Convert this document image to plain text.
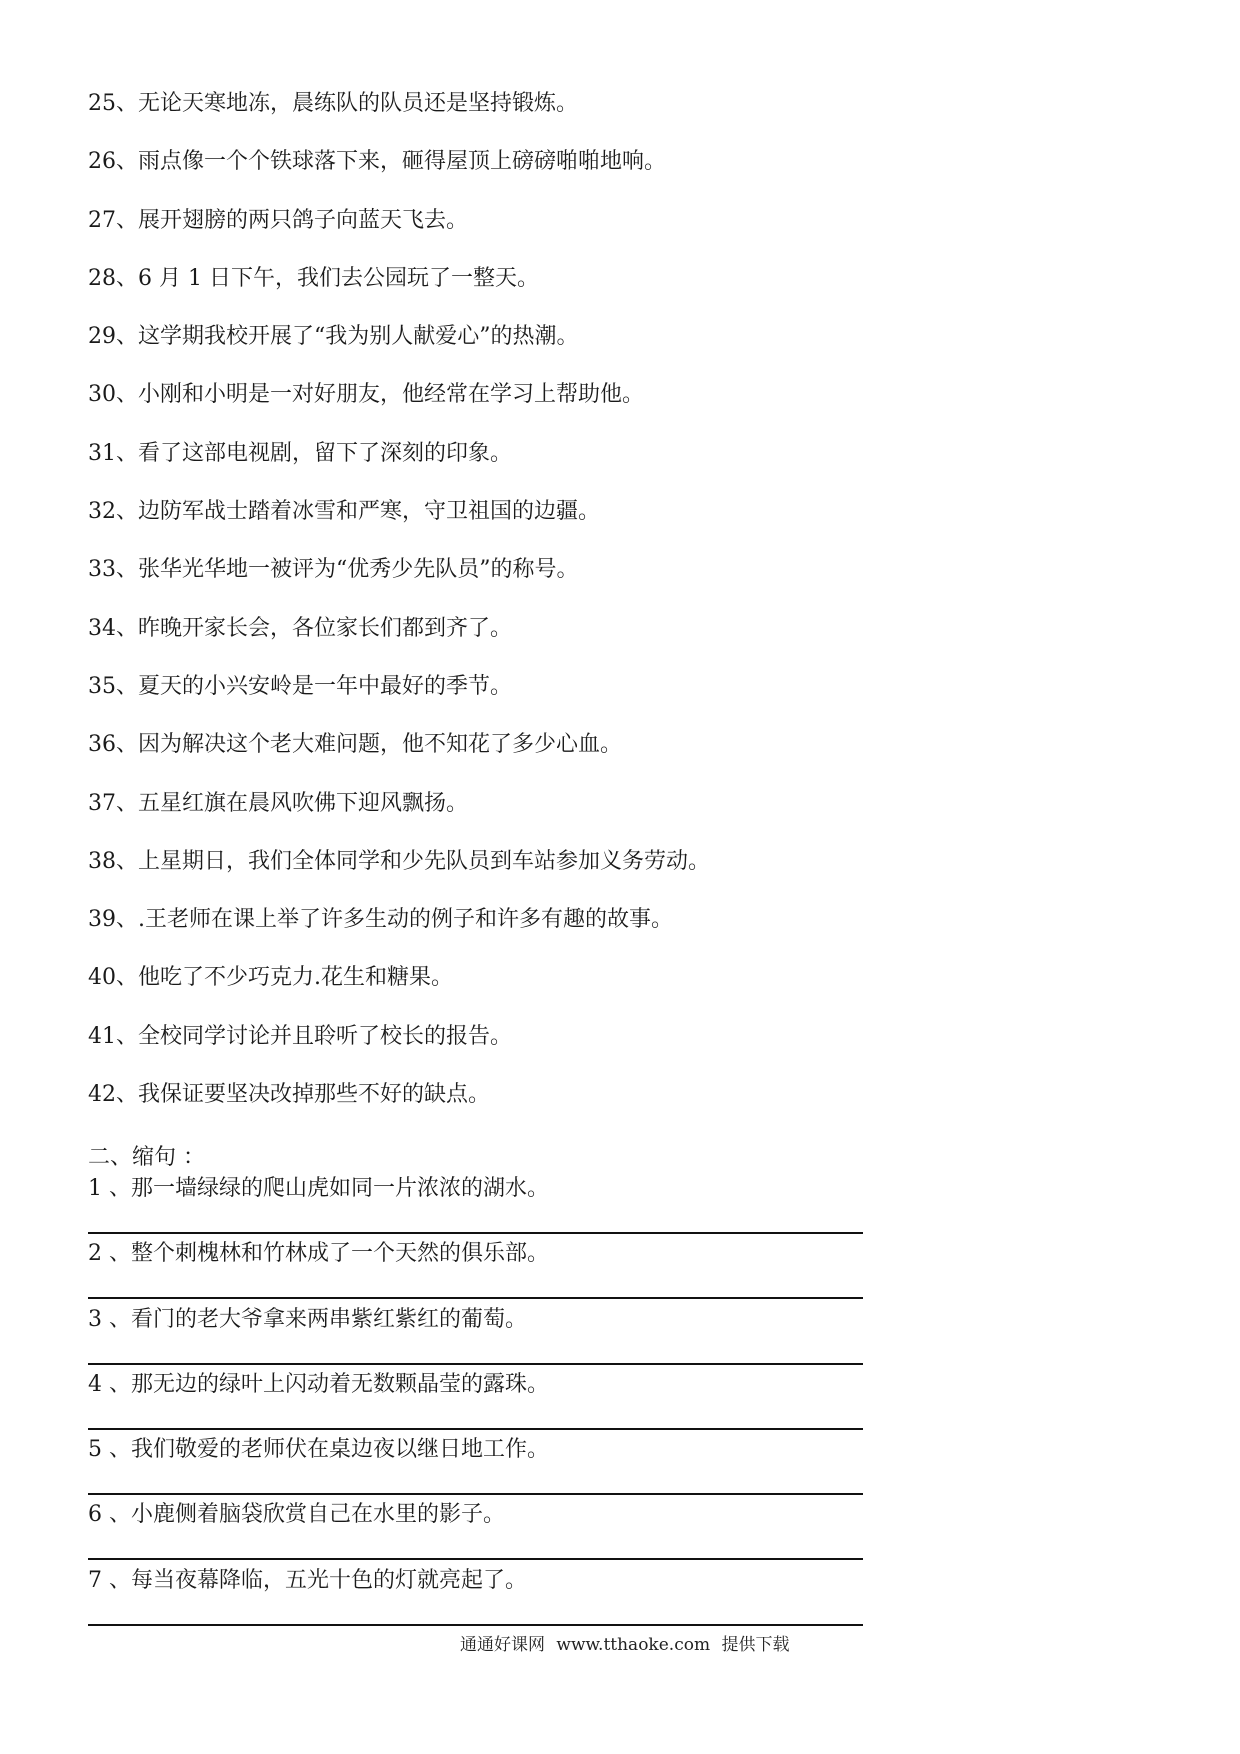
25、无论天寒地冻，晨练队的队员还是坚持锻炼。
26、雨点像一个个铁球落下来，砸得屋顶上磅磅啪啪地响。
27、展开翅膀的两只鸽子向蓝天飞去。
28、6 月 1 日下午，我们去公园玩了一整天。
29、这学期我校开展了“我为别人献爱心”的热潮。
30、小刚和小明是一对好朋友，他经常在学习上帮助他。
31、看了这部电视剧，留下了深刻的印象。
32、边防军战士踏着冰雪和严寒，守卫祖国的边疆。
33、张华光华地一被评为“优秀少先队员”的称号。
34、昨晚开家长会，各位家长们都到齐了。
35、夏天的小兴安岭是一年中最好的季节。
36、因为解决这个老大难问题，他不知花了多少心血。
37、五星红旗在晨风吹佛下迎风飘扬。
38、上星期日，我们全体同学和少先队员到车站参加义务劳动。
39、.王老师在课上举了许多生动的例子和许多有趣的故事。
40、他吃了不少巧克力.花生和糖果。
41、全校同学讨论并且聆听了校长的报告。
42、我保证要坚决改掉那些不好的缺点。
二、缩句 ：
1 、那一墙绿绿的爬山虎如同一片浓浓的湖水。
2 、整个刺槐林和竹林成了一个天然的俱乐部。
3 、看门的老大爷拿来两串紫红紫红的葡萄。
4 、那无边的绿叶上闪动着无数颗晶莹的露珠。
5 、我们敬爱的老师伏在桌边夜以继日地工作。
6 、小鹿侧着脑袋欣赏自己在水里的影子。
7 、每当夜幕降临，五光十色的灯就亮起了。
通通好课网 www.tthaoke.com 提供下载
